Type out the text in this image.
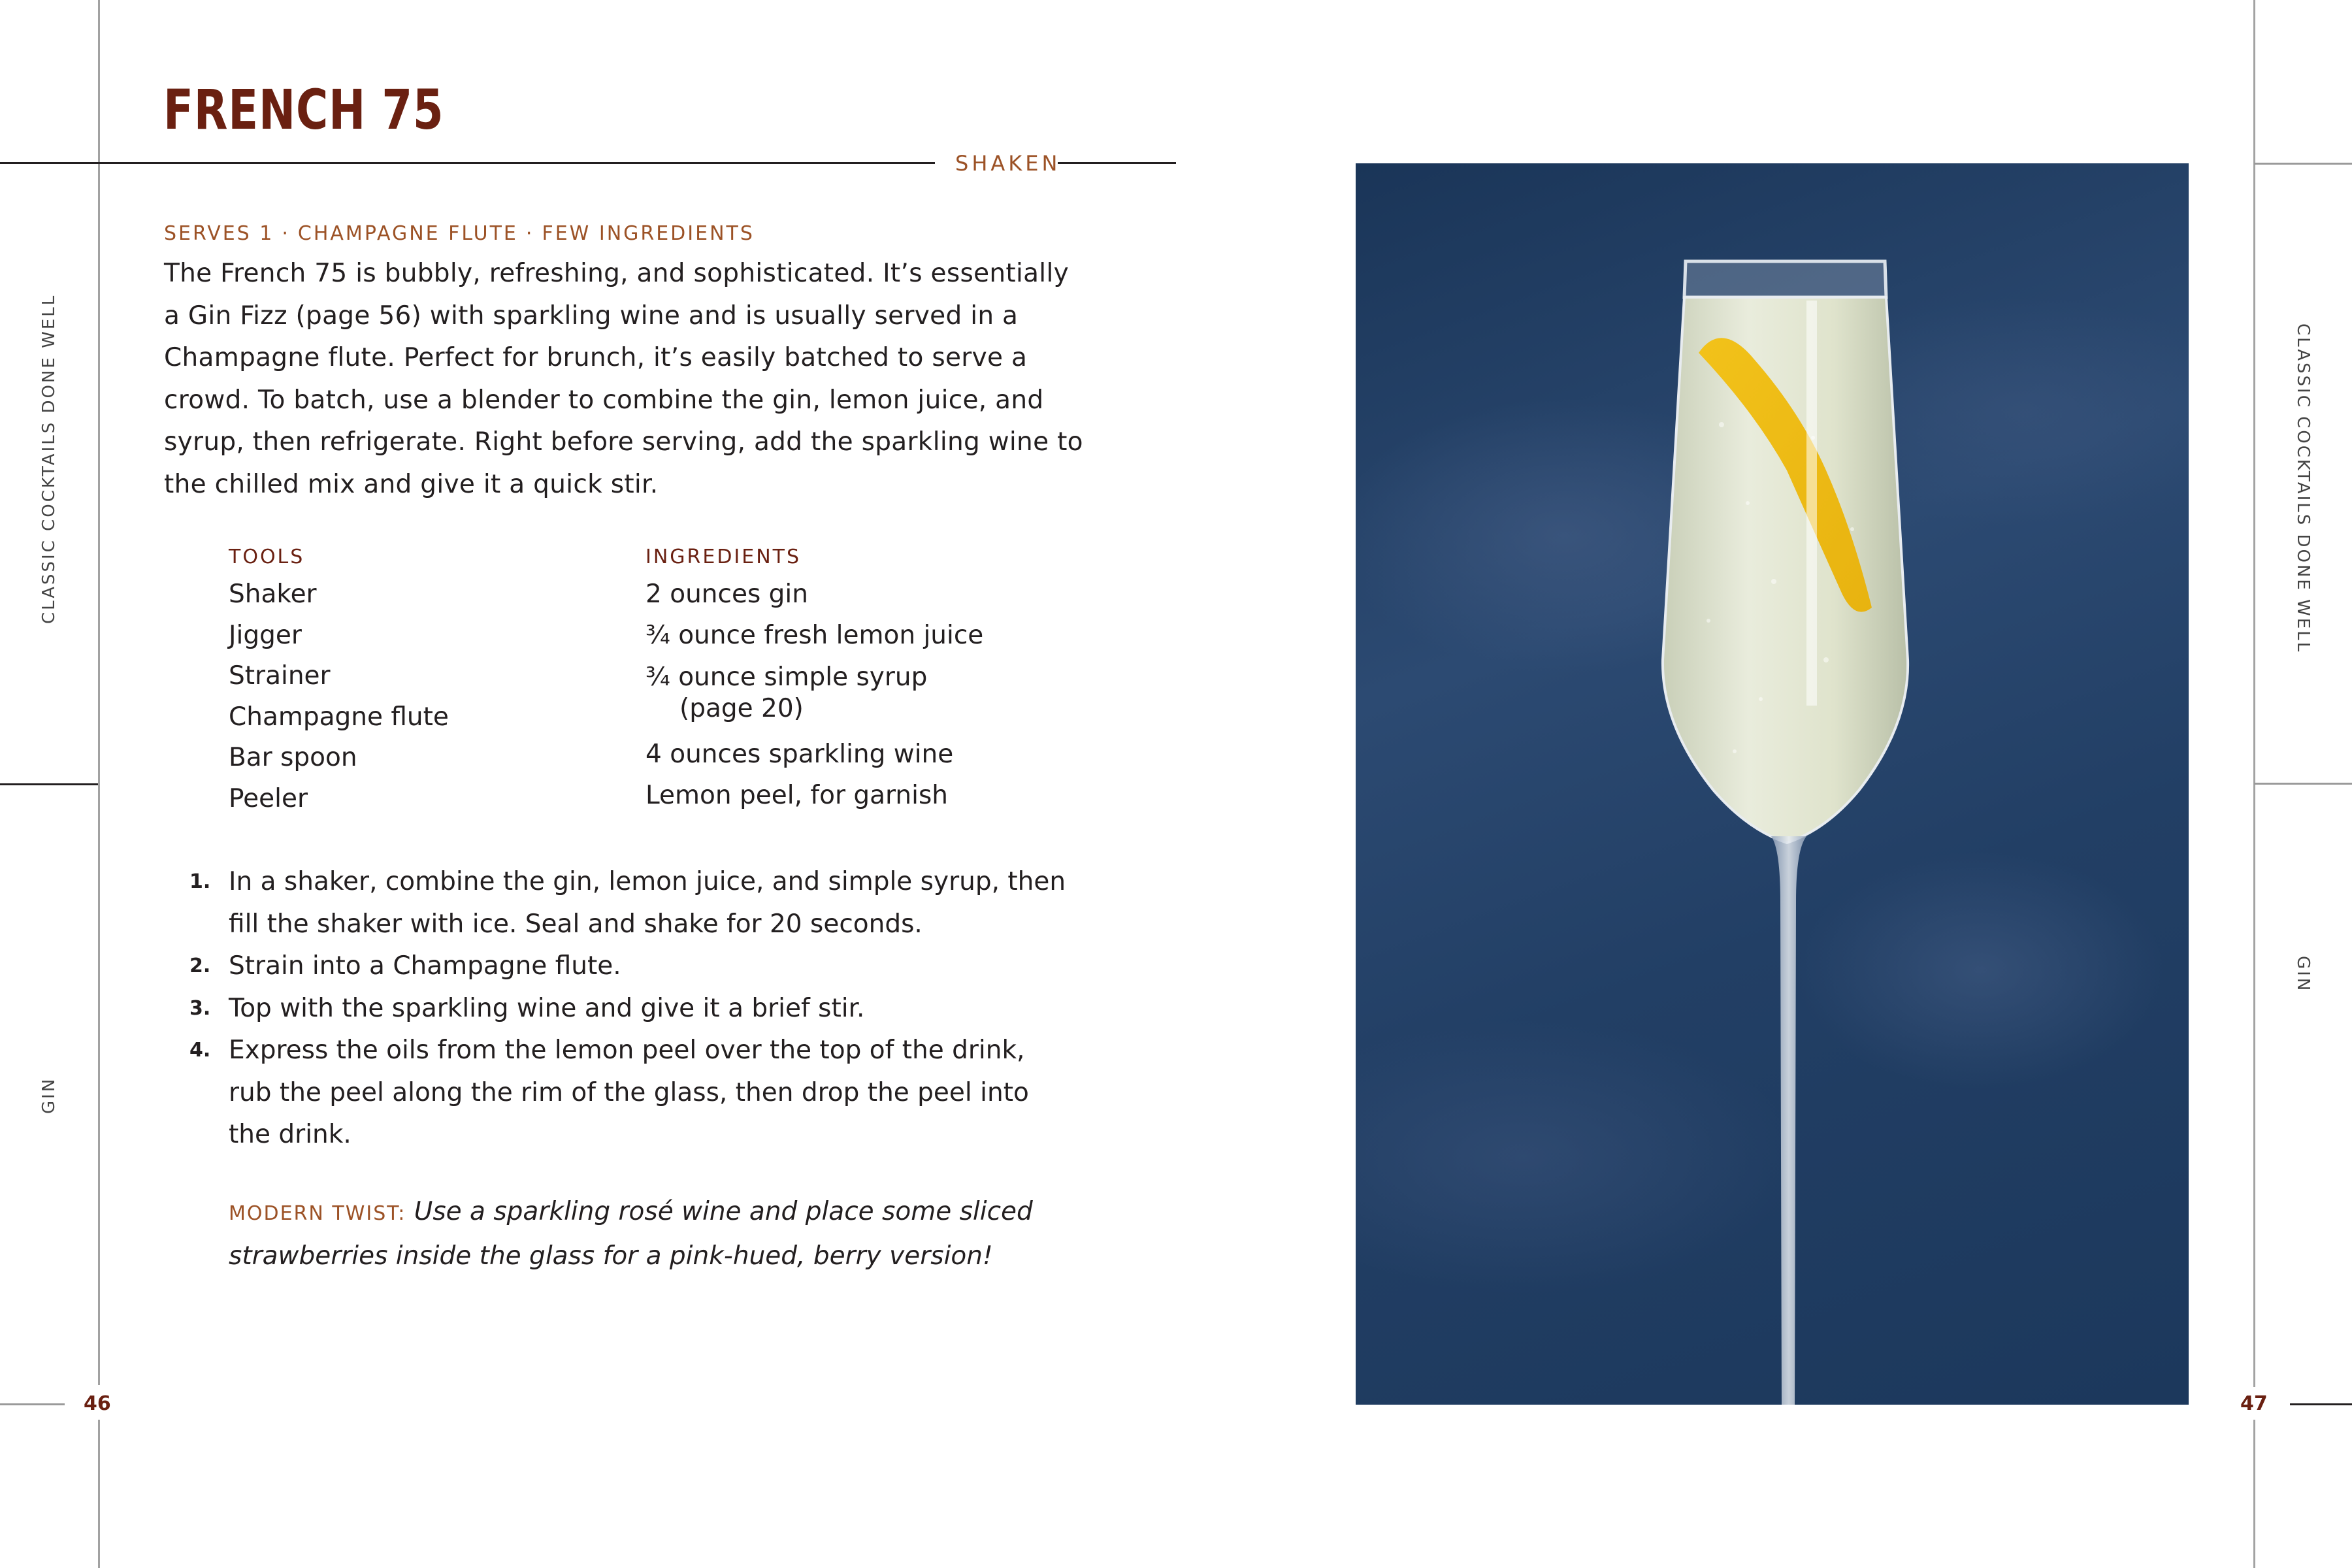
FRENCH 75
SHAKEN
SERVES 1 · CHAMPAGNE FLUTE · FEW INGREDIENTS
The French 75 is bubbly, refreshing, and sophisticated. It’s essentially
a Gin Fizz (page 56) with sparkling wine and is usually served in a
Champagne flute. Perfect for brunch, it’s easily batched to serve a
crowd. To batch, use a blender to combine the gin, lemon juice, and
syrup, then refrigerate. Right before serving, add the sparkling wine to
the chilled mix and give it a quick stir.
TOOLS
Shaker
Jigger
Strainer
Champagne flute
Bar spoon
Peeler
INGREDIENTS
2 ounces gin
¾ ounce fresh lemon juice
¾ ounce simple syrup
(page 20)
4 ounces sparkling wine
Lemon peel, for garnish
1. In a shaker, combine the gin, lemon juice, and simple syrup, then
fill the shaker with ice. Seal and shake for 20 seconds.
2. Strain into a Champagne flute.
3. Top with the sparkling wine and give it a brief stir.
4. Express the oils from the lemon peel over the top of the drink,
rub the peel along the rim of the glass, then drop the peel into
the drink.
MODERN TWIST: Use a sparkling rosé wine and place some sliced
strawberries inside the glass for a pink-hued, berry version!
CLASSIC COCKTAILS DONE WELL
GIN
CLASSIC COCKTAILS DONE WELL
GIN
46	47
